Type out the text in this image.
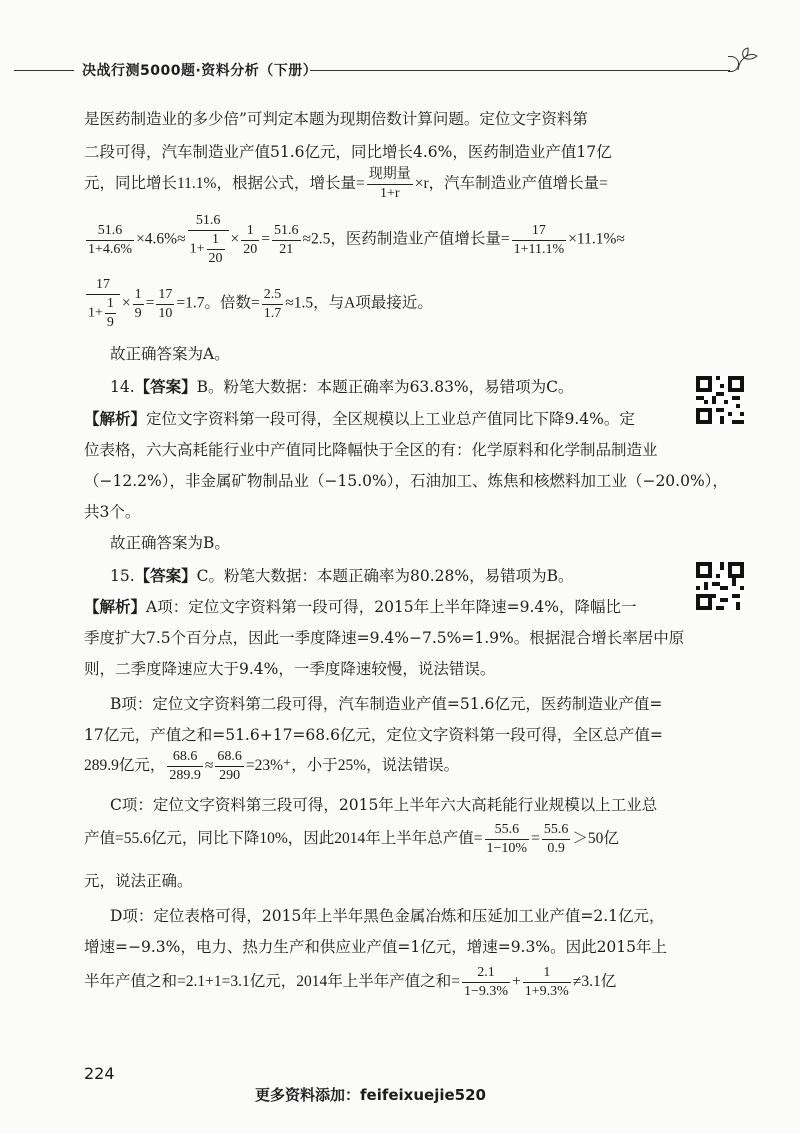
决战行测5000题·资料分析（下册）
是医药制造业的多少倍”可判定本题为现期倍数计算问题。定位文字资料第
二段可得，汽车制造业产值51.6亿元，同比增长4.6%，医药制造业产值17亿
元，同比增长11.1%，根据公式，增长量= $\frac{\text{现期量}}{1+r} \times r$，汽车制造业产值增长量=
$\frac{51.6}{1+4.6\%} \times 4.6\%\approx \frac{51.6}{1+ \frac{1}{20}} \times \frac{1}{20} = \frac{51.6}{21} \approx 2.5$，医药制造业产值增长量= $\frac{17}{1+11.1\%} \times 11.1\%\approx$
$\frac{17}{1+ \frac{1}{9}} \times \frac{1}{9} = \frac{17}{10} =1.7$。倍数= $\frac{2.5}{1.7} \approx 1.5$，与A项最接近。
故正确答案为A。
14.【答案】B。粉笔大数据：本题正确率为63.83%，易错项为C。
【解析】定位文字资料第一段可得，全区规模以上工业总产值同比下降9.4%。定
位表格，六大高耗能行业中产值同比降幅快于全区的有：化学原料和化学制品制造业
（−12.2%），非金属矿物制品业（−15.0%），石油加工、炼焦和核燃料加工业（−20.0%），
共3个。
故正确答案为B。
15.【答案】C。粉笔大数据：本题正确率为80.28%，易错项为B。
【解析】A项：定位文字资料第一段可得，2015年上半年降速=9.4%，降幅比一
季度扩大7.5个百分点，因此一季度降速=9.4%−7.5%=1.9%。根据混合增长率居中原
则，二季度降速应大于9.4%，一季度降速较慢，说法错误。
B项：定位文字资料第二段可得，汽车制造业产值=51.6亿元，医药制造业产值=
17亿元，产值之和=51.6+17=68.6亿元，定位文字资料第一段可得，全区总产值=
289.9亿元， $\frac{68.6}{289.9} \approx \frac{68.6}{290} =23\%^+$，小于25%，说法错误。
C项：定位文字资料第三段可得，2015年上半年六大高耗能行业规模以上工业总
产值=55.6亿元，同比下降10%，因此2014年上半年总产值= $\frac{55.6}{1-10\%} = \frac{55.6}{0.9} >50$亿
元，说法正确。
D项：定位表格可得，2015年上半年黑色金属冶炼和压延加工业产值=2.1亿元，
增速=−9.3%，电力、热力生产和供应业产值=1亿元，增速=9.3%。因此2015年上
半年产值之和=2.1+1=3.1亿元，2014年上半年产值之和= $\frac{2.1}{1-9.3\%} + \frac{1}{1+9.3\%} \ne 3.1$亿
224
更多资料添加：feifeixuejie520
